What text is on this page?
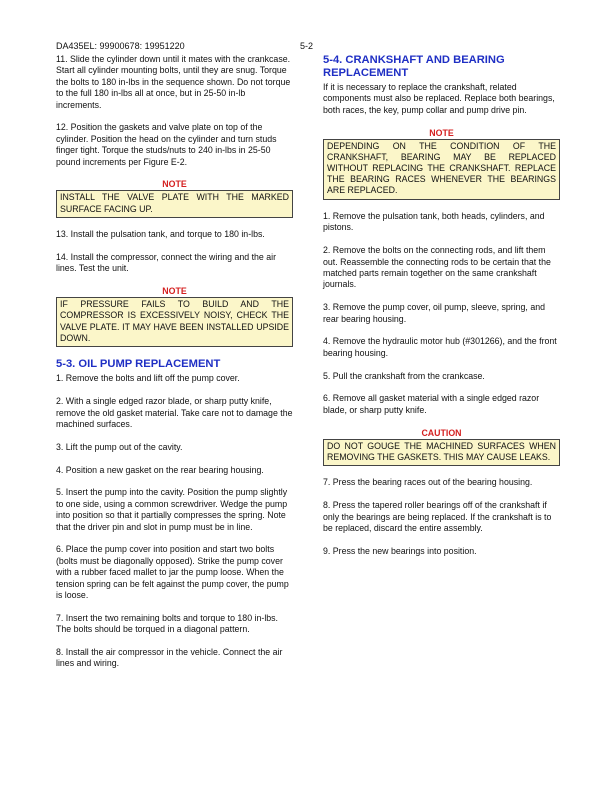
DA435EL: 99900678: 19951220	5-2

11. Slide the cylinder down until it mates with the crankcase. Start all cylinder mounting bolts, until they are snug. Torque the bolts to 180 in-lbs in the sequence shown. Do not torque to the full 180 in-lbs all at once, but in 25-50 in-lb increments.

12. Position the gaskets and valve plate on top of the cylinder. Position the head on the cylinder and turn studs finger tight. Torque the studs/nuts to 240 in-lbs in 25-50 pound increments per Figure E-2.

NOTE
INSTALL THE VALVE PLATE WITH THE MARKED SURFACE FACING UP.

13. Install the pulsation tank, and torque to 180 in-lbs.

14. Install the compressor, connect the wiring and the air lines. Test the unit.

NOTE
IF PRESSURE FAILS TO BUILD AND THE COMPRESSOR IS EXCESSIVELY NOISY, CHECK THE VALVE PLATE. IT MAY HAVE BEEN INSTALLED UPSIDE DOWN.
5-3. OIL PUMP REPLACEMENT

1. Remove the bolts and lift off the pump cover.

2. With a single edged razor blade, or sharp putty knife, remove the old gasket material. Take care not to damage the machined surfaces.

3. Lift the pump out of the cavity.

4. Position a new gasket on the rear bearing housing.

5. Insert the pump into the cavity. Position the pump slightly to one side, using a common screwdriver. Wedge the pump into position so that it partially compresses the spring. Note that the driver pin and slot in pump must be in line.

6. Place the pump cover into position and start two bolts (bolts must be diagonally opposed). Strike the pump cover with a rubber faced mallet to jar the pump loose. When the tension spring can be felt against the pump cover, the pump is loose.

7. Insert the two remaining bolts and torque to 180 in-lbs. The bolts should be torqued in a diagonal pattern.

8. Install the air compressor in the vehicle. Connect the air lines and wiring.

5-4. CRANKSHAFT AND BEARING REPLACEMENT

If it is necessary to replace the crankshaft, related components must also be replaced. Replace both bearings, both races, the key, pump collar and pump drive pin.

NOTE
DEPENDING ON THE CONDITION OF THE CRANKSHAFT, BEARING MAY BE REPLACED WITHOUT REPLACING THE CRANKSHAFT. REPLACE THE BEARING RACES WHENEVER THE BEARINGS ARE REPLACED.

1. Remove the pulsation tank, both heads, cylinders, and pistons.

2. Remove the bolts on the connecting rods, and lift them out. Reassemble the connecting rods to be certain that the matched parts remain together on the same crankshaft journals.

3. Remove the pump cover, oil pump, sleeve, spring, and rear bearing housing.

4. Remove the hydraulic motor hub (#301266), and the front bearing housing.

5. Pull the crankshaft from the crankcase.

6. Remove all gasket material with a single edged razor blade, or sharp putty knife.

CAUTION
DO NOT GOUGE THE MACHINED SURFACES WHEN REMOVING THE GASKETS. THIS MAY CAUSE LEAKS.

7. Press the bearing races out of the bearing housing.

8. Press the tapered roller bearings off of the crankshaft if only the bearings are being replaced. If the crankshaft is to be replaced, discard the entire assembly.

9. Press the new bearings into position.
